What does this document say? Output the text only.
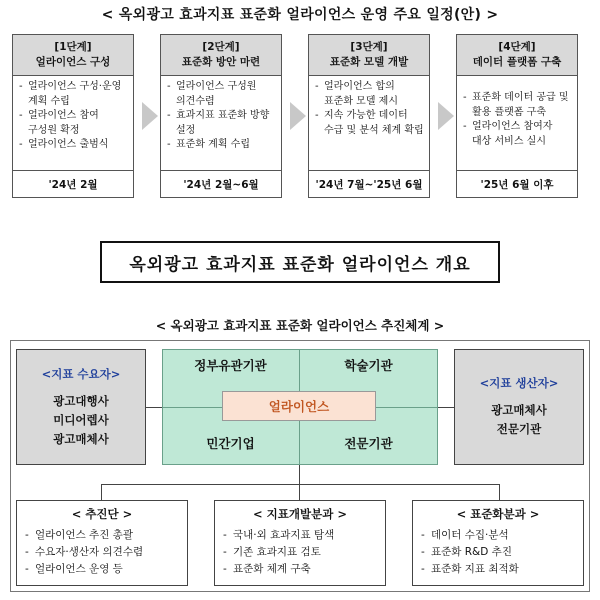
< 옥외광고 효과지표 표준화 얼라이언스 운영 주요 일정(안) >
[1단계]
얼라이언스 구성
- 얼라이언스 구성·운영 계획 수립
- 얼라이언스 참여 구성원 확정
- 얼라이언스 출범식
'24년 2월
[2단계]
표준화 방안 마련
- 얼라이언스 구성원 의견수렴
- 효과지표 표준화 방향 설정
- 표준화 계획 수립
'24년 2월~6월
[3단계]
표준화 모델 개발
- 얼라이언스 합의 표준화 모델 제시
- 지속 가능한 데이터 수급 및 분석 체계 확립
'24년 7월~'25년 6월
[4단계]
데이터 플랫폼 구축
- 표준화 데이터 공급 및 활용 플랫폼 구축
- 얼라이언스 참여자 대상 서비스 실시
'25년 6월 이후
옥외광고 효과지표 표준화 얼라이언스 개요
< 옥외광고 효과지표 표준화 얼라이언스 추진체계 >
<지표 수요자>
광고대행사
미디어렙사
광고매체사
정부유관기관	학술기관
민간기업	전문기관
얼라이언스
<지표 생산자>
광고매체사
전문기관
< 추진단 >
- 얼라이언스 추진 총괄
- 수요자·생산자 의견수렴
- 얼라이언스 운영 등
< 지표개발분과 >
- 국내·외 효과지표 탐색
- 기존 효과지표 검토
- 표준화 체계 구축
< 표준화분과 >
- 데이터 수집·분석
- 표준화 R&D 추진
- 표준화 지표 최적화
